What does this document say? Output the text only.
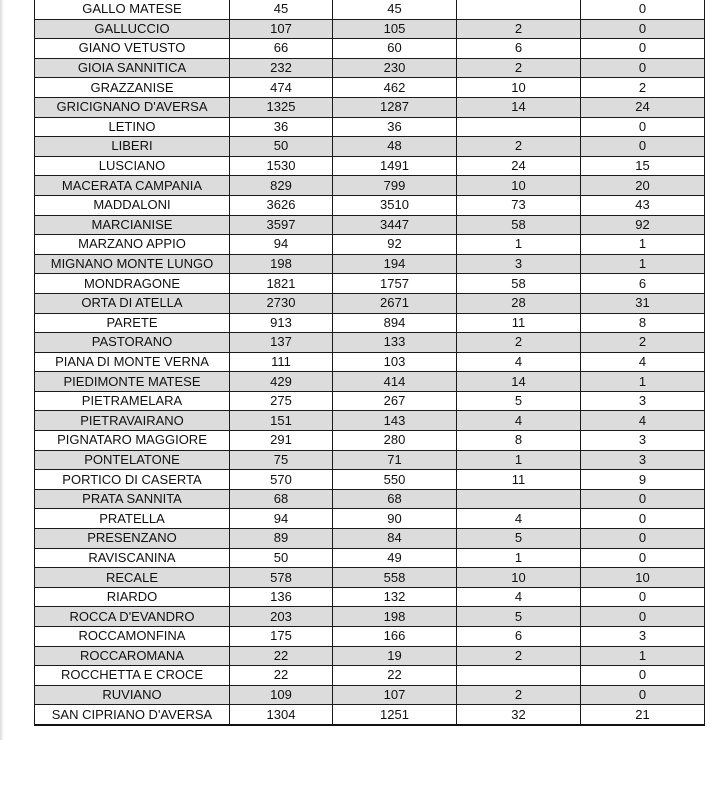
GALLO MATESE	45	45		0
GALLUCCIO	107	105	2	0
GIANO VETUSTO	66	60	6	0
GIOIA SANNITICA	232	230	2	0
GRAZZANISE	474	462	10	2
GRICIGNANO D'AVERSA	1325	1287	14	24
LETINO	36	36		0
LIBERI	50	48	2	0
LUSCIANO	1530	1491	24	15
MACERATA CAMPANIA	829	799	10	20
MADDALONI	3626	3510	73	43
MARCIANISE	3597	3447	58	92
MARZANO APPIO	94	92	1	1
MIGNANO MONTE LUNGO	198	194	3	1
MONDRAGONE	1821	1757	58	6
ORTA DI ATELLA	2730	2671	28	31
PARETE	913	894	11	8
PASTORANO	137	133	2	2
PIANA DI MONTE VERNA	111	103	4	4
PIEDIMONTE MATESE	429	414	14	1
PIETRAMELARA	275	267	5	3
PIETRAVAIRANO	151	143	4	4
PIGNATARO MAGGIORE	291	280	8	3
PONTELATONE	75	71	1	3
PORTICO DI CASERTA	570	550	11	9
PRATA SANNITA	68	68		0
PRATELLA	94	90	4	0
PRESENZANO	89	84	5	0
RAVISCANINA	50	49	1	0
RECALE	578	558	10	10
RIARDO	136	132	4	0
ROCCA D'EVANDRO	203	198	5	0
ROCCAMONFINA	175	166	6	3
ROCCAROMANA	22	19	2	1
ROCCHETTA E CROCE	22	22		0
RUVIANO	109	107	2	0
SAN CIPRIANO D'AVERSA	1304	1251	32	21
